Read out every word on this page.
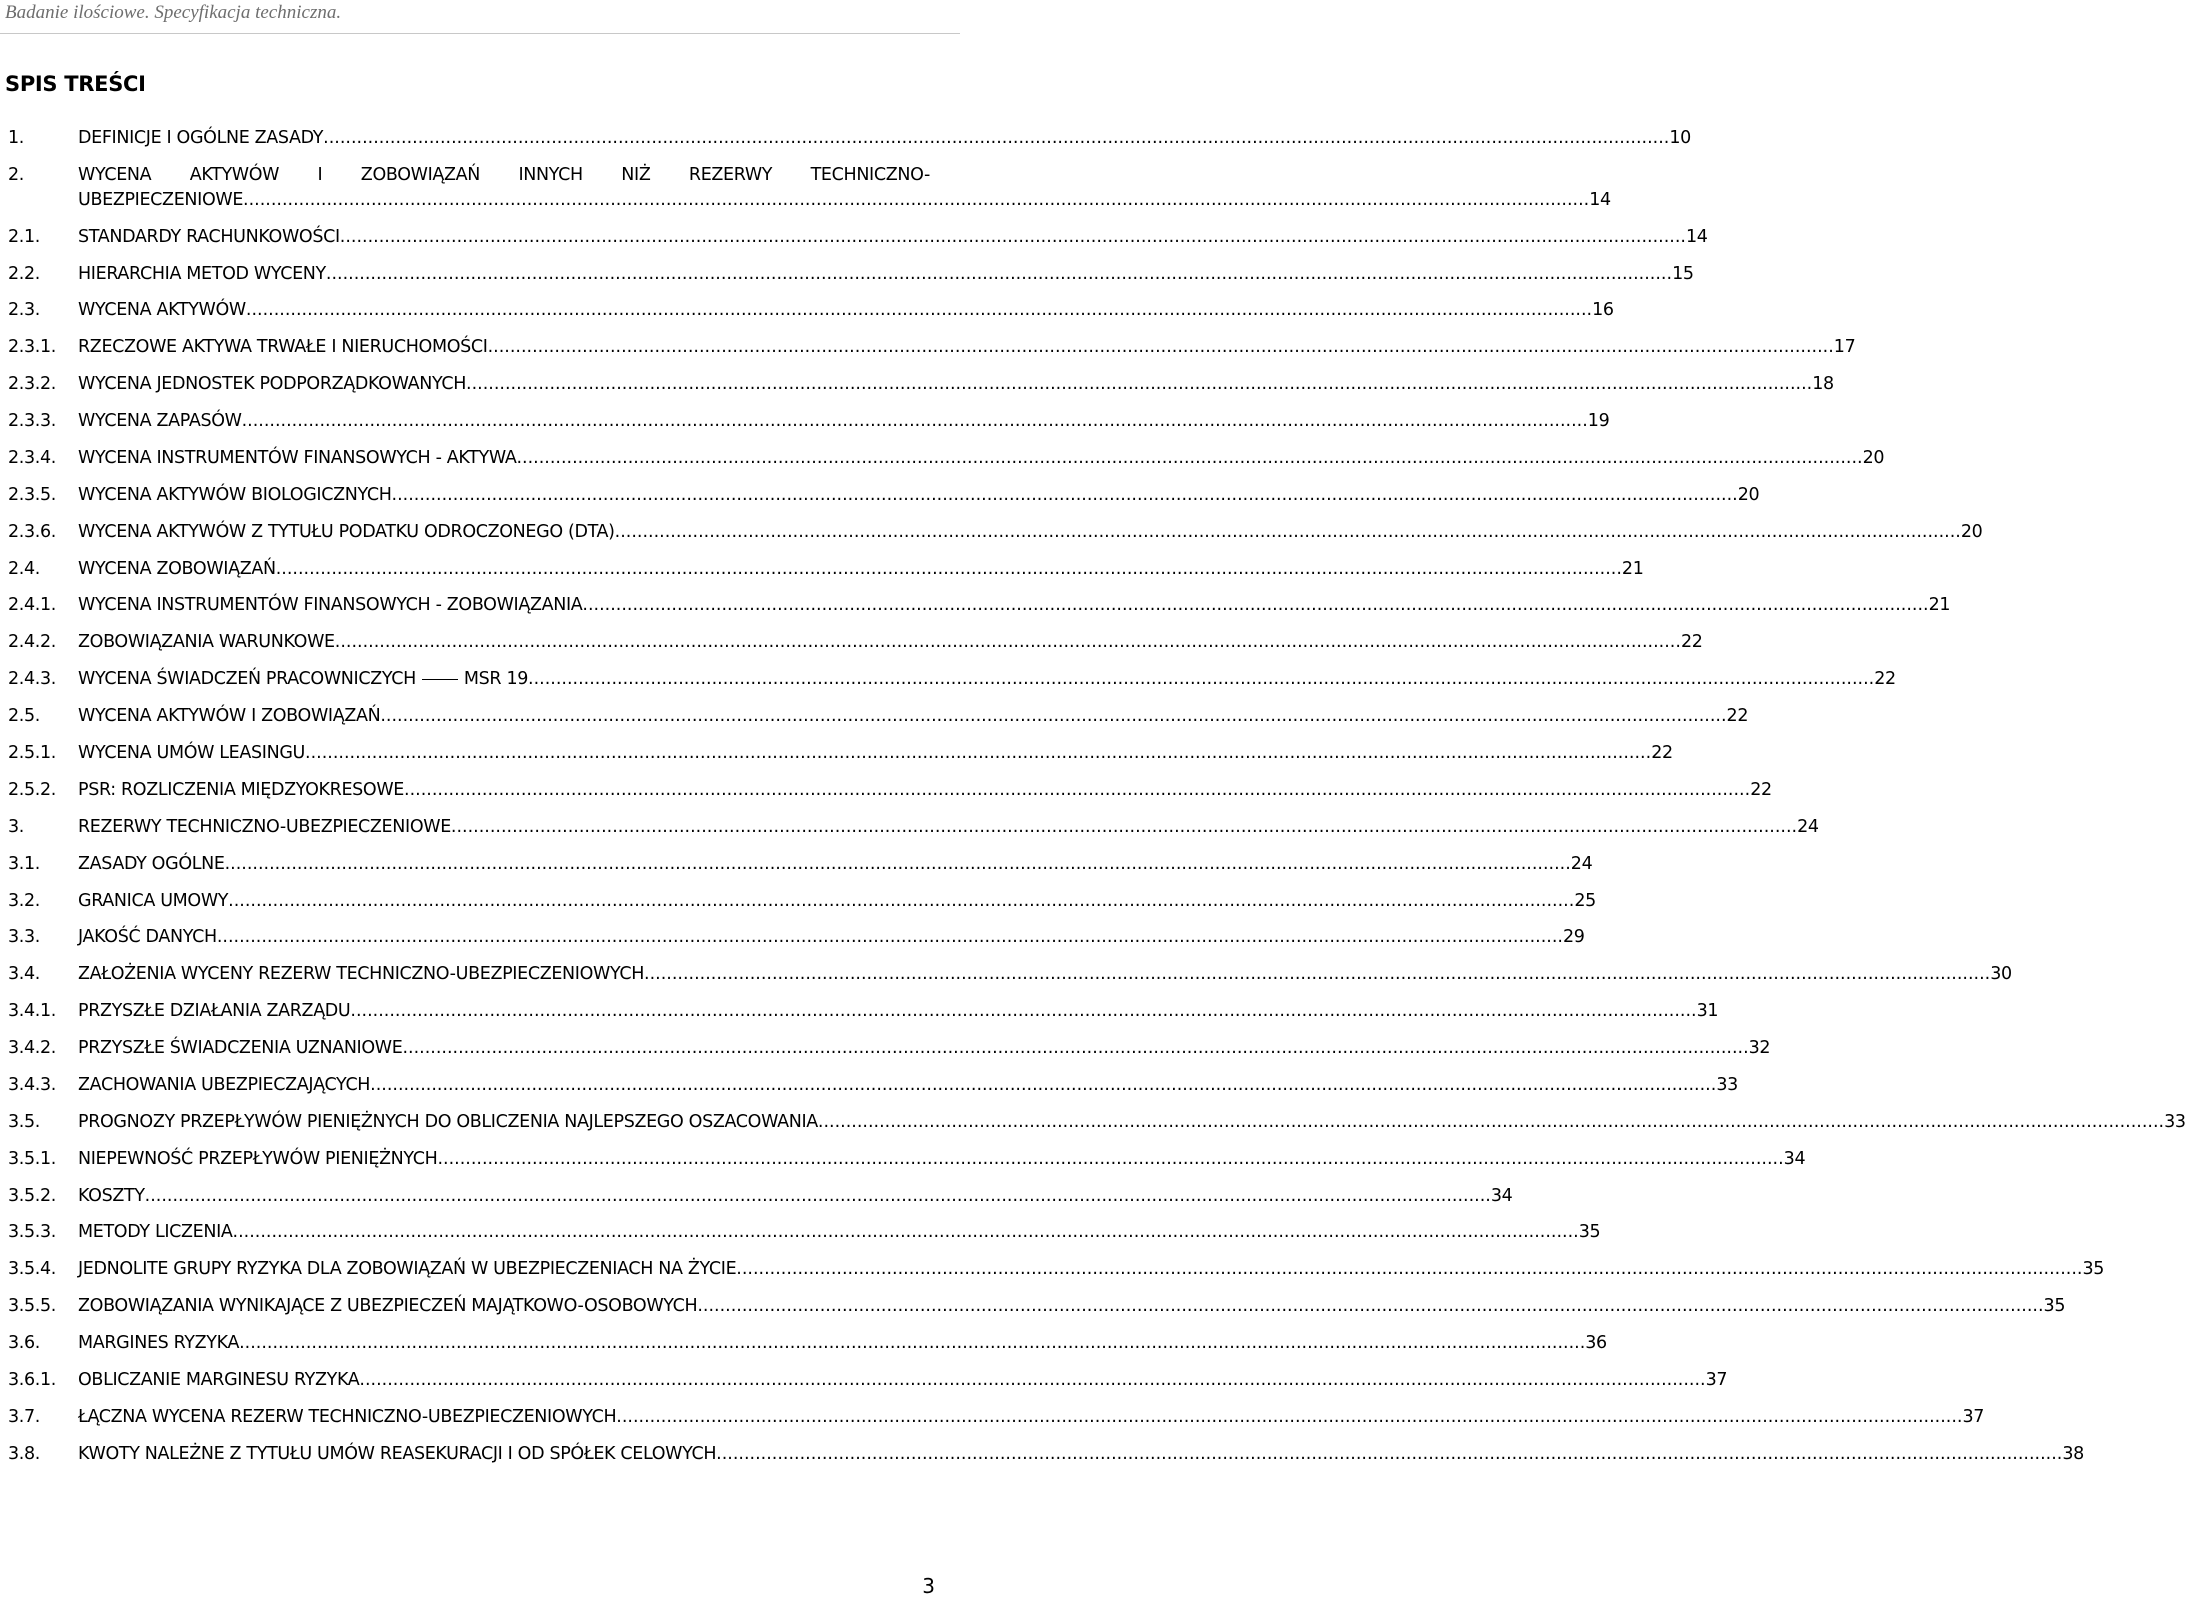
Badanie ilościowe. Specyfikacja techniczna.
SPIS TREŚCI
1.	DEFINICJE I OGÓLNE ZASADY .....	10
2.	WYCENA AKTYWÓW I ZOBOWIĄZAŃ INNYCH NIŻ REZERWY TECHNICZNO-
UBEZPIECZENIOWE .....	14
2.1. STANDARDY RACHUNKOWOŚCI .....	14
2.2. HIERARCHIA METOD WYCENY .....	15
2.3. WYCENA AKTYWÓW .....	16
2.3.1. RZECZOWE AKTYWA TRWAŁE I NIERUCHOMOŚCI .....	17
2.3.2. WYCENA JEDNOSTEK PODPORZĄDKOWANYCH .....	18
2.3.3. WYCENA ZAPASÓW .....	19
2.3.4. WYCENA INSTRUMENTÓW FINANSOWYCH - AKTYWA .....	20
2.3.5. WYCENA AKTYWÓW BIOLOGICZNYCH .....	20
2.3.6. WYCENA AKTYWÓW Z TYTUŁU PODATKU ODROCZONEGO (DTA) .....	20
2.4. WYCENA ZOBOWIĄZAŃ .....	21
2.4.1. WYCENA INSTRUMENTÓW FINANSOWYCH - ZOBOWIĄZANIA .....	21
2.4.2. ZOBOWIĄZANIA WARUNKOWE .....	22
2.4.3. WYCENA ŚWIADCZEŃ PRACOWNICZYCH	MSR 19 .....	22
2.5. WYCENA AKTYWÓW I ZOBOWIĄZAŃ .....	22
2.5.1. WYCENA UMÓW LEASINGU .....	22
2.5.2. PSR: ROZLICZENIA MIĘDZYOKRESOWE .....	22
3.	REZERWY TECHNICZNO-UBEZPIECZENIOWE .....	24
3.1. ZASADY OGÓLNE .....	24
3.2. GRANICA UMOWY .....	25
3.3. JAKOŚĆ DANYCH .....	29
3.4. ZAŁOŻENIA WYCENY REZERW TECHNICZNO-UBEZPIECZENIOWYCH .....	30
3.4.1. PRZYSZŁE DZIAŁANIA ZARZĄDU .....	31
3.4.2. PRZYSZŁE ŚWIADCZENIA UZNANIOWE .....	32
3.4.3. ZACHOWANIA UBEZPIECZAJĄCYCH .....	33
3.5. PROGNOZY PRZEPŁYWÓW PIENIĘŻNYCH DO OBLICZENIA NAJLEPSZEGO OSZACOWANIA .....	33
3.5.1. NIEPEWNOŚĆ PRZEPŁYWÓW PIENIĘŻNYCH .....	34
3.5.2. KOSZTY .....	34
3.5.3. METODY LICZENIA .....	35
3.5.4. JEDNOLITE GRUPY RYZYKA DLA ZOBOWIĄZAŃ W UBEZPIECZENIACH NA ŻYCIE .....	35
3.5.5. ZOBOWIĄZANIA WYNIKAJĄCE Z UBEZPIECZEŃ MAJĄTKOWO-OSOBOWYCH .....	35
3.6. MARGINES RYZYKA .....	36
3.6.1. OBLICZANIE MARGINESU RYZYKA .....	37
3.7. ŁĄCZNA WYCENA REZERW TECHNICZNO-UBEZPIECZENIOWYCH .....	37
3.8. KWOTY NALEŻNE Z TYTUŁU UMÓW REASEKURACJI I OD SPÓŁEK CELOWYCH .....	38
3
